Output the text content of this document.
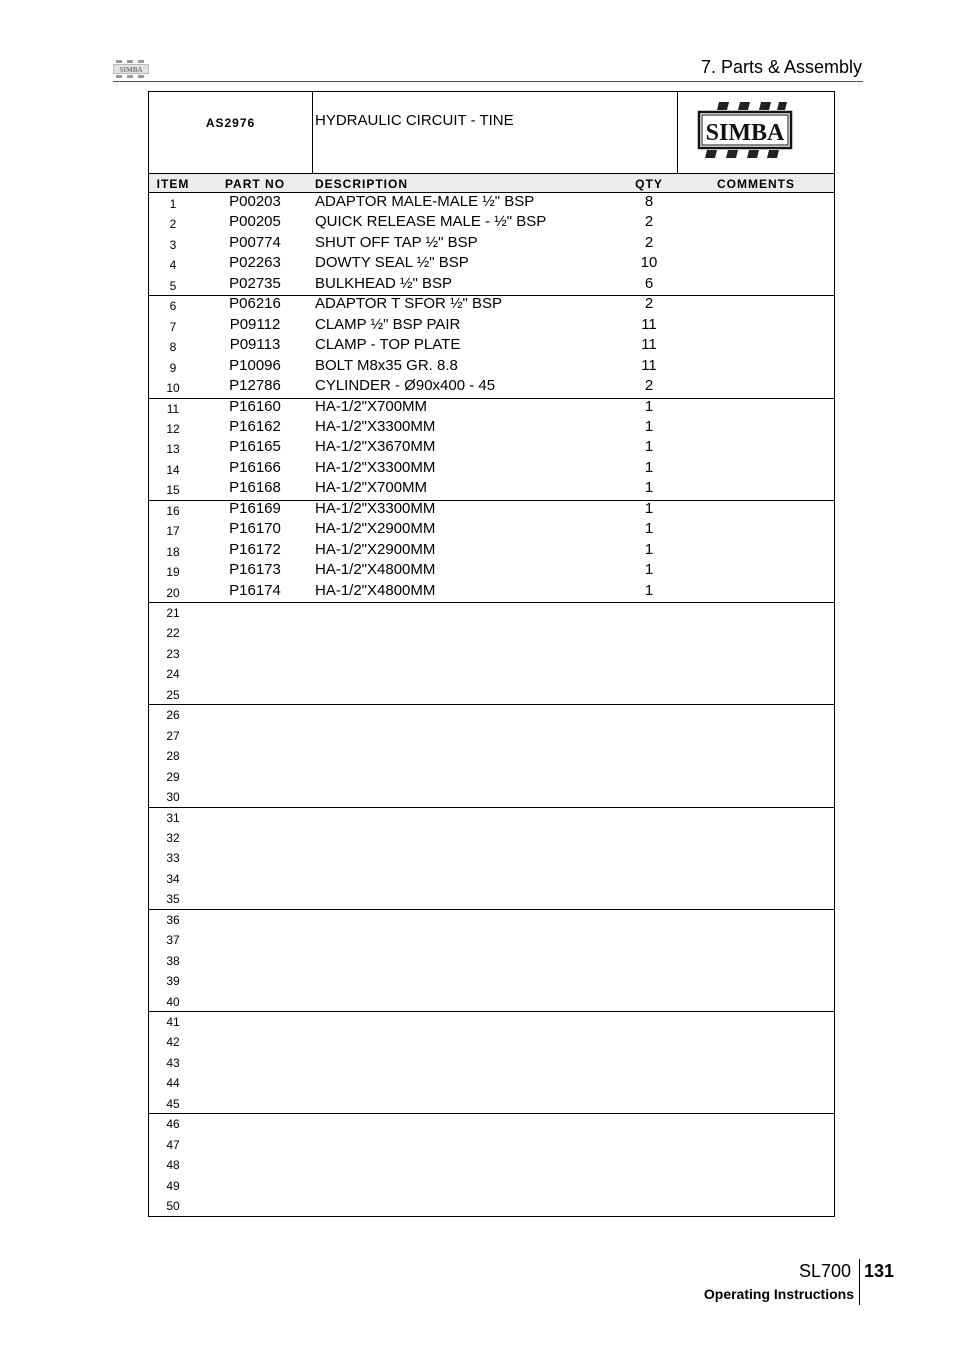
SIMBA	7. Parts & Assembly
AS2976	HYDRAULIC CIRCUIT - TINE	SIMBA
ITEM	PART NO	DESCRIPTION	QTY	COMMENTS
1	P00203	ADAPTOR MALE-MALE ½" BSP	8
2	P00205	QUICK RELEASE MALE - ½" BSP	2
3	P00774	SHUT OFF TAP ½" BSP	2
4	P02263	DOWTY SEAL ½" BSP	10
5	P02735	BULKHEAD ½" BSP	6
6	P06216	ADAPTOR T SFOR ½" BSP	2
7	P09112	CLAMP ½" BSP PAIR	11
8	P09113	CLAMP - TOP PLATE	11
9	P10096	BOLT M8x35 GR. 8.8	11
10	P12786	CYLINDER - Ø90x400 - 45	2
11	P16160	HA-1/2"X700MM	1
12	P16162	HA-1/2"X3300MM	1
13	P16165	HA-1/2"X3670MM	1
14	P16166	HA-1/2"X3300MM	1
15	P16168	HA-1/2"X700MM	1
16	P16169	HA-1/2"X3300MM	1
17	P16170	HA-1/2"X2900MM	1
18	P16172	HA-1/2"X2900MM	1
19	P16173	HA-1/2"X4800MM	1
20	P16174	HA-1/2"X4800MM	1
21
22
23
24
25
26
27
28
29
30
31
32
33
34
35
36
37
38
39
40
41
42
43
44
45
46
47
48
49
50
SL700 131
Operating Instructions
